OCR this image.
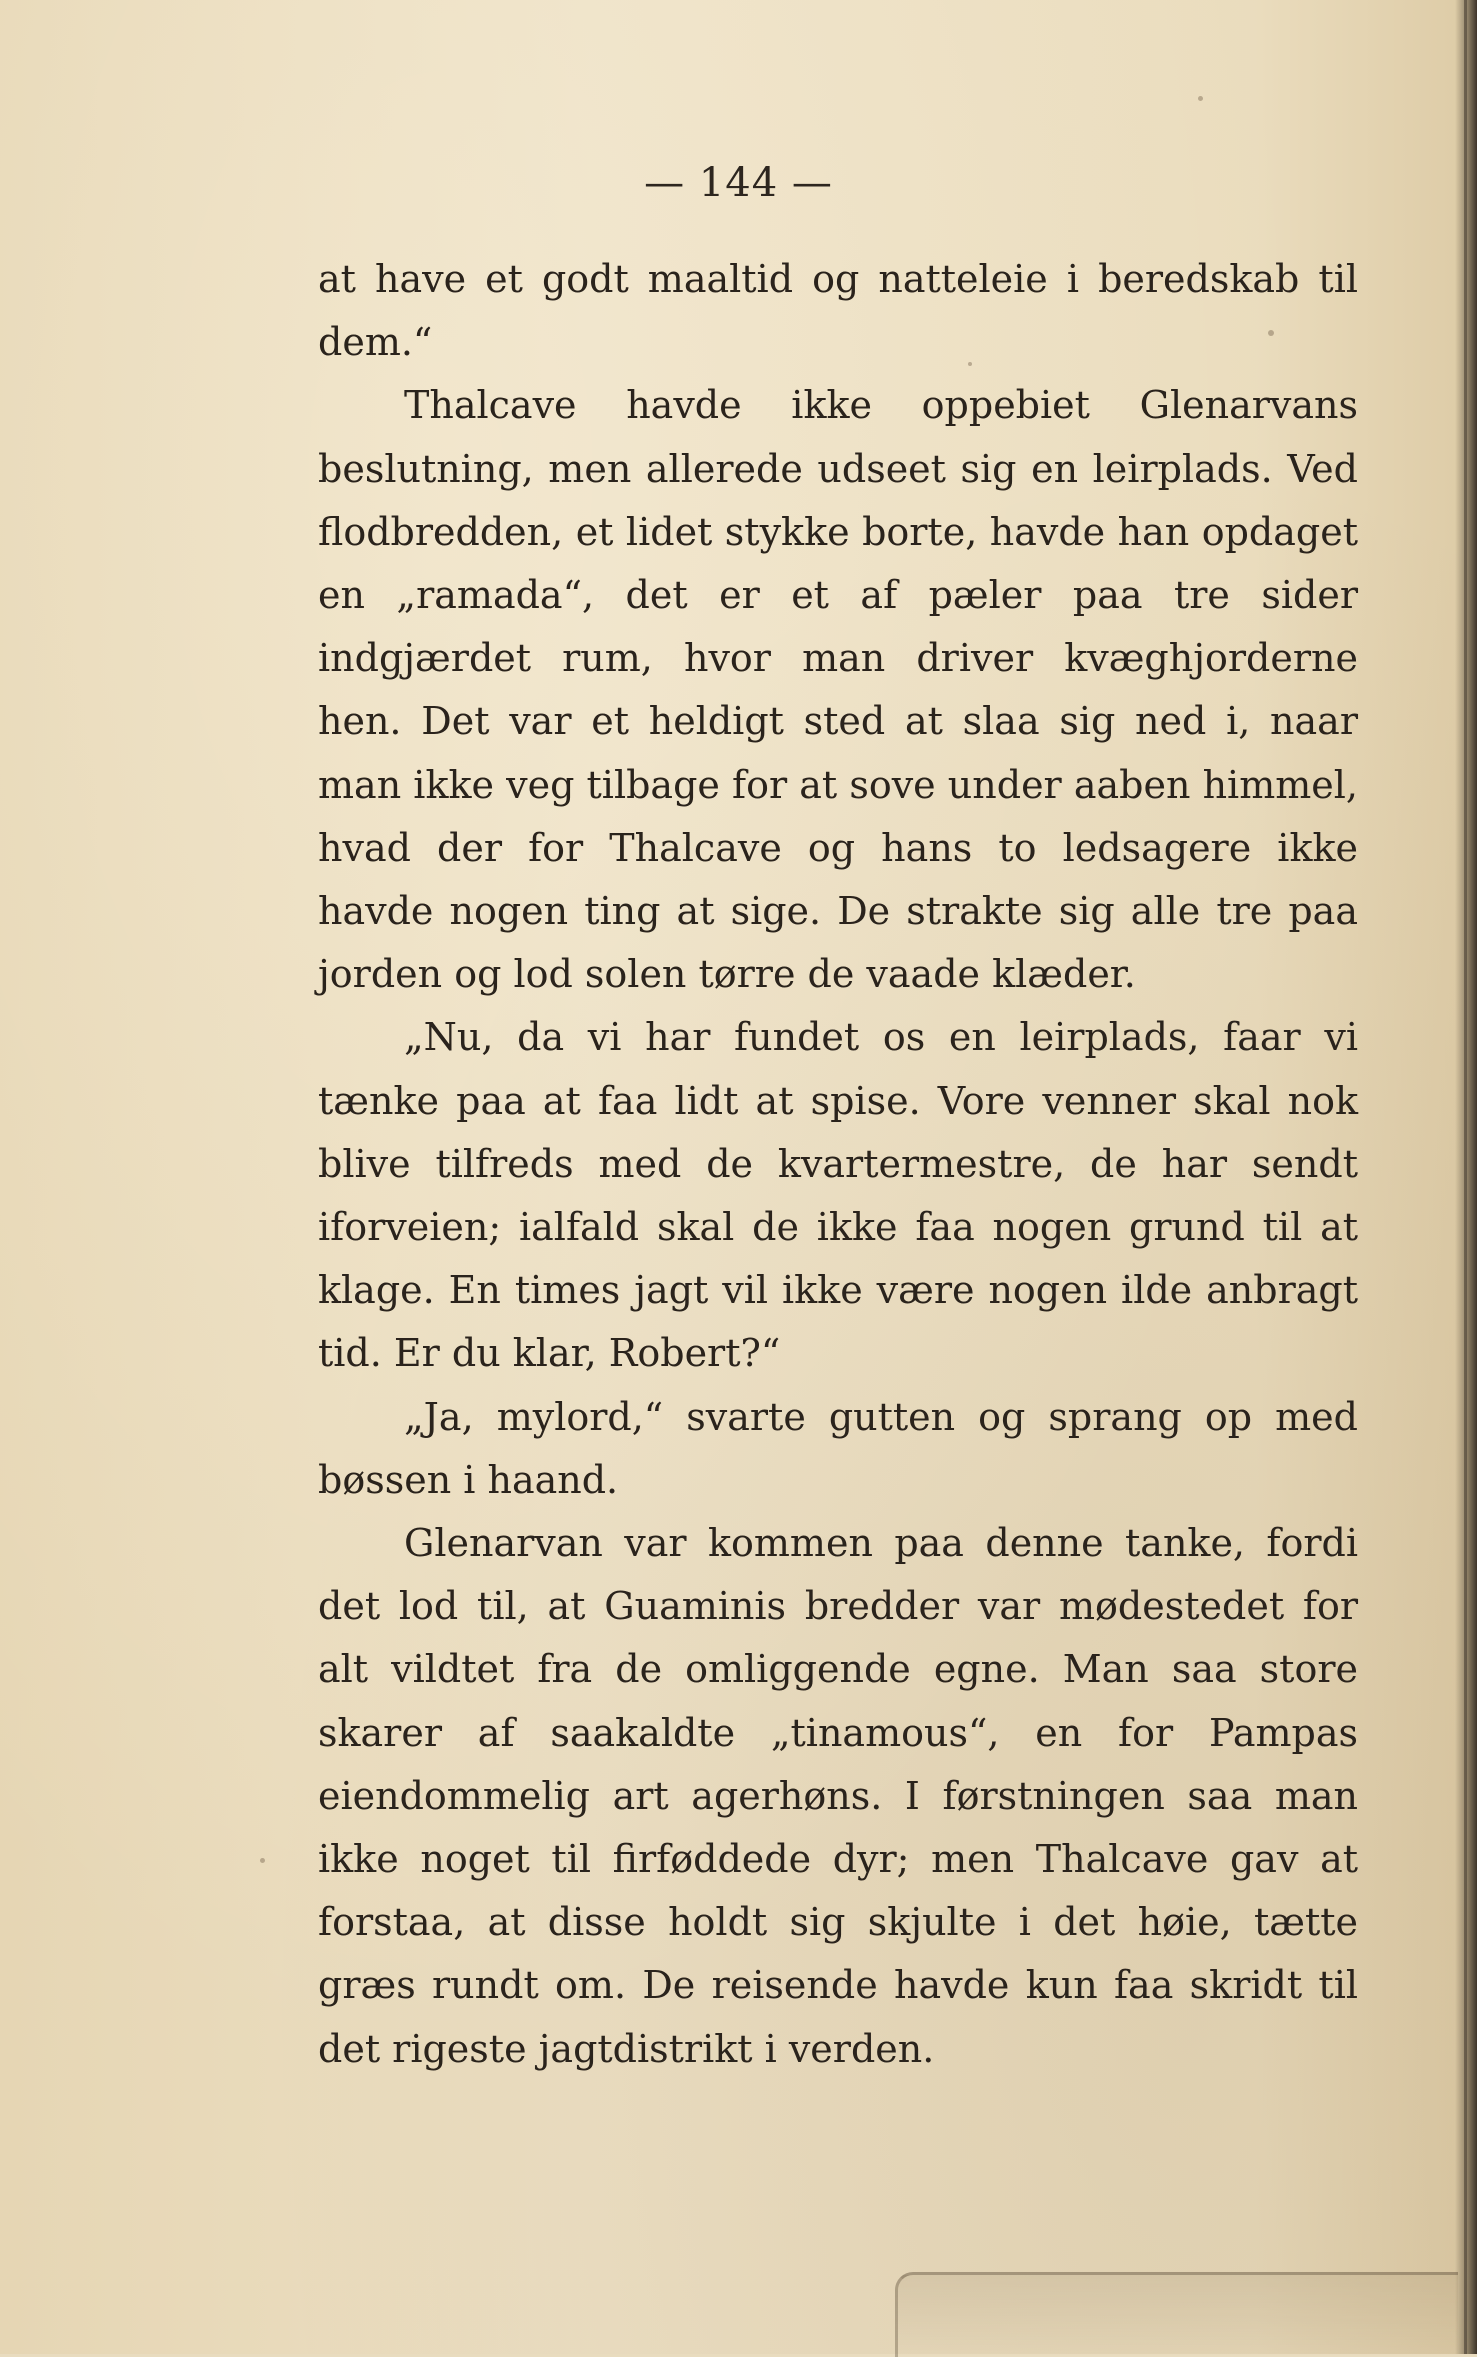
— 144 —

at have et godt maaltid og natteleie i beredskab til dem.“

Thalcave havde ikke oppebiet Glenarvans beslutning, men allerede udseet sig en leirplads. Ved flodbredden, et lidet stykke borte, havde han opdaget en „ramada“, det er et af pæler paa tre sider indgjærdet rum, hvor man driver kvæghjorderne hen. Det var et heldigt sted at slaa sig ned i, naar man ikke veg tilbage for at sove under aaben himmel, hvad der for Thalcave og hans to ledsagere ikke havde nogen ting at sige. De strakte sig alle tre paa jorden og lod solen tørre de vaade klæder.

„Nu, da vi har fundet os en leirplads, faar vi tænke paa at faa lidt at spise. Vore venner skal nok blive tilfreds med de kvartermestre, de har sendt iforveien; ialfald skal de ikke faa nogen grund til at klage. En times jagt vil ikke være nogen ilde anbragt tid. Er du klar, Robert?“

„Ja, mylord,“ svarte gutten og sprang op med bøssen i haand.

Glenarvan var kommen paa denne tanke, fordi det lod til, at Guaminis bredder var mødestedet for alt vildtet fra de omliggende egne. Man saa store skarer af saakaldte „tinamous“, en for Pampas eiendommelig art agerhøns. I førstningen saa man ikke noget til firføddede dyr; men Thalcave gav at forstaa, at disse holdt sig skjulte i det høie, tætte græs rundt om. De reisende havde kun faa skridt til det rigeste jagtdistrikt i verden.
